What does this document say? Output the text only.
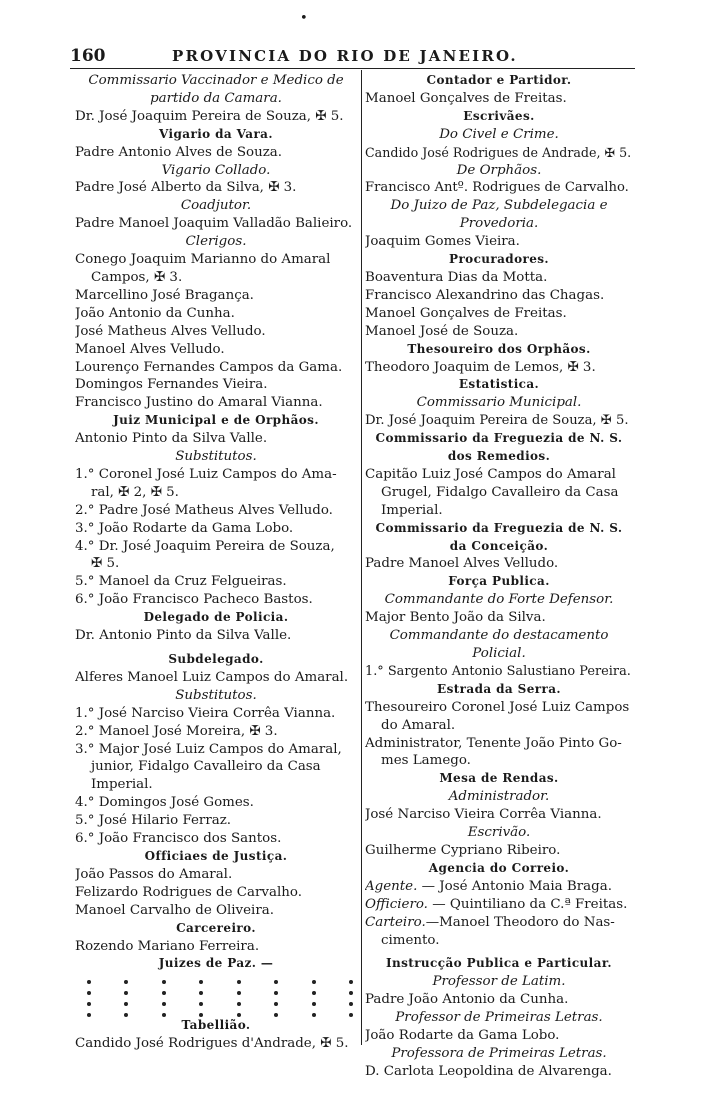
•
160	PROVINCIA DO RIO DE JANEIRO.
Commissario Vaccinador e Medico de
partido da Camara.
Dr. José Joaquim Pereira de Souza, ✠ 5.
Vigario da Vara.
Padre Antonio Alves de Souza.
Vigario Collado.
Padre José Alberto da Silva, ✠ 3.
Coadjutor.
Padre Manoel Joaquim Valladão Balieiro.
Clerigos.
Conego Joaquim Marianno do Amaral
Campos, ✠ 3.
Marcellino José Bragança.
João Antonio da Cunha.
José Matheus Alves Velludo.
Manoel Alves Velludo.
Lourenço Fernandes Campos da Gama.
Domingos Fernandes Vieira.
Francisco Justino do Amaral Vianna.
Juiz Municipal e de Orphãos.
Antonio Pinto da Silva Valle.
Substitutos.
1.° Coronel José Luiz Campos do Ama-
ral, ✠ 2, ✠ 5.
2.° Padre José Matheus Alves Velludo.
3.° João Rodarte da Gama Lobo.
4.° Dr. José Joaquim Pereira de Souza,
✠ 5.
5.° Manoel da Cruz Felgueiras.
6.° João Francisco Pacheco Bastos.
Delegado de Policia.
Dr. Antonio Pinto da Silva Valle.
Subdelegado.
Alferes Manoel Luiz Campos do Amaral.
Substitutos.
1.° José Narciso Vieira Corrêa Vianna.
2.° Manoel José Moreira, ✠ 3.
3.° Major José Luiz Campos do Amaral,
junior, Fidalgo Cavalleiro da Casa
Imperial.
4.° Domingos José Gomes.
5.° José Hilario Ferraz.
6.° João Francisco dos Santos.
Officiaes de Justiça.
João Passos do Amaral.
Felizardo Rodrigues de Carvalho.
Manoel Carvalho de Oliveira.
Carcereiro.
Rozendo Mariano Ferreira.
Juizes de Paz. —
Tabellião.
Candido José Rodrigues d'Andrade, ✠ 5.
Contador e Partidor.
Manoel Gonçalves de Freitas.
Escrivães.
Do Civel e Crime.
Candido José Rodrigues de Andrade, ✠ 5.
De Orphãos.
Francisco Antº. Rodrigues de Carvalho.
Do Juizo de Paz, Subdelegacia e
Provedoria.
Joaquim Gomes Vieira.
Procuradores.
Boaventura Dias da Motta.
Francisco Alexandrino das Chagas.
Manoel Gonçalves de Freitas.
Manoel José de Souza.
Thesoureiro dos Orphãos.
Theodoro Joaquim de Lemos, ✠ 3.
Estatistica.
Commissario Municipal.
Dr. José Joaquim Pereira de Souza, ✠ 5.
Commissario da Freguezia de N. S.
dos Remedios.
Capitão Luiz José Campos do Amaral
Grugel, Fidalgo Cavalleiro da Casa
Imperial.
Commissario da Freguezia de N. S.
da Conceição.
Padre Manoel Alves Velludo.
Força Publica.
Commandante do Forte Defensor.
Major Bento João da Silva.
Commandante do destacamento
Policial.
1.° Sargento Antonio Salustiano Pereira.
Estrada da Serra.
Thesoureiro Coronel José Luiz Campos
do Amaral.
Administrator, Tenente João Pinto Go-
mes Lamego.
Mesa de Rendas.
Administrador.
José Narciso Vieira Corrêa Vianna.
Escrivão.
Guilherme Cypriano Ribeiro.
Agencia do Correio.
Agente. — José Antonio Maia Braga.
Officiero. — Quintiliano da C.ª Freitas.
Carteiro.—Manoel Theodoro do Nas-
cimento.
Instrucção Publica e Particular.
Professor de Latim.
Padre João Antonio da Cunha.
Professor de Primeiras Letras.
João Rodarte da Gama Lobo.
Professora de Primeiras Letras.
D. Carlota Leopoldina de Alvarenga.
